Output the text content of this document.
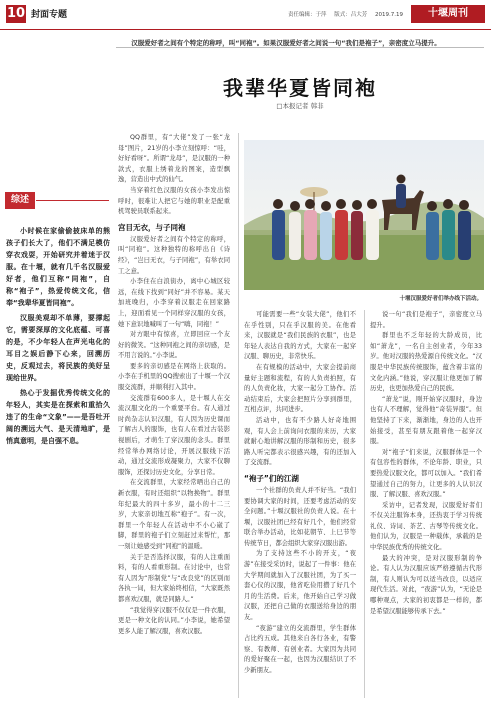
10 封面专题	责任编辑：于萍 版式：吕大芳 2019.7.19	十堰周刊
综述

小时候在家偷偷披床单的熊孩子们长大了，他们不满足模仿穿衣戏耍，开始研究并着迷于汉服。在十堰，就有几千名汉服爱好者，他们互称“同袍”，自称“袍子”，热爱传统文化，信奉“我辈华夏皆同袍”。

汉服美观却不单薄，要撑起它，需要深厚的文化底蕴、可喜的是，不少年轻人在声光电化的耳目之娱后静下心来，回溯历史，反观过去，将民族的美好呈现给世界。

热心于发掘优秀传统文化的年轻人，其实是在探索和重拾久违了的生命“文象”——是吾吐开阔的溯远大气、是天清地旷，是悄真意明，是自强不息。

汉服爱好者之间有个特定的称呼，叫“同袍”。如果汉服爱好者之间说一句“我们是袍子”，亲密度立马提升。
我辈华夏皆同袍
□本报记者 韩非
十堰汉服爱好者们举办线下活动。

QQ群里，有“大佬”发了一张“龙母”图片，21岁的小李立刻惊呼：“哇，好好看呀”。所谓“龙母”，是汉服的一种款式，衣服上绣着龙的图案，造型飘逸，营造出中式的仙气。

当穿着红色汉服的女孩小李发出惊呼时，很难让人把它与她的职业是配重机驾驶员联系起来。

宫目无衣，与子同袍

汉服爱好者之间有个特定的称呼，叫“同袍”。这种独特的称呼出自《诗经》，“岂曰无衣，与子同袍”，有举衣同工之意。

小李住在白浪街办，离中心城区较远，在线下找到“同好”并不容易。某天加班晚归，小李穿着汉服走在回家路上，迎面看见一个同样穿汉服的女孩，她下意识地喊叫了一句“嗨，同袍！”

对方眼中有惊喜，立即回应一个友好的微笑。“这种同袍之间的亲切感，是不用言说的。”小李说。

要多的亲切感是在网络上获取的。小李在手机里的QQ搜索出了十堰一个汉服交流群，并顺利打入其中。

交流群有600多人，是十堰人在交流汉服文化的一个重要平台。有人通过时尚杂志认识汉服，有人因为历史课而了解古人的服饰，也有人在看过古装影视剧后，才萌生了穿汉服的念头。群里经常举办网络讨论，开展汉服线下活动，通过交流形成凝聚力，大家不仅聊服饰，还探讨历史文化，分享日常。

在交流群里，大家经常晒出自己的新衣服，有时还组织“以物换物”。群里年纪最大的四十多岁，最小的十二三岁，大家亲切地互称“袍子”。有一次，群里一个年轻人在活动中不小心崴了脚，群里的袍子们立刻赶过来帮忙，那一刻让她感受到“同袍”的温暖。

关于是否选择汉服，有的人注重面料，有的人看重形制。在讨论中，也常有人因为“形制党”与“改良党”的区别而各执一词，但大家始终相信，“大家既然都喜欢汉服，就是同路人。”

“我觉得穿汉服不仅仅是一件衣服，更是一种文化的认同。”小李说，她希望更多人能了解汉服，喜欢汉服。

可能需要一些“女装大佬”，他们不在乎性别，只在乎汉服的美。在他看来，汉服就是“我们民族的衣服”，也是年轻人表达自我的方式，大家在一起穿汉服、聊历史，非常快乐。

在有规模的活动中，大家会提前商量好主题和流程，有的人负责拍照，有的人负责化妆，大家一起分工协作。活动结束后，大家会把照片分享到群里，互相点评，共同进步。

活动中，也有不少路人好奇地围观，有人会上前询问衣服的来历，大家就耐心地讲解汉服的形制和历史，很多路人听完都表示很感兴趣，有的还加入了交流群。

“袍子”们的江湖

一个社群的负责人并不好当。“我们要协调大家的时间，还要考虑活动的安全问题。”十堰汉服社的负责人说。在十堰，汉服社团已经有好几个，他们经常联合举办活动，比如花朝节、上巳节等传统节日，都会组织大家穿汉服出游。

为了支持这些不小的开支，“夜游”在接受采访时，说起了一件事：他在大学期间就加入了汉服社团，为了买一套心仪的汉服，他省吃俭用攒了好几个月的生活费。后来，他开始自己学习做汉服，还把自己做的衣服送给身边的朋友。

“夜游”建立的交流群里，学生群体占比约五成。其他来自各行各业，有警察、有教师、有创业者。大家因为共同的爱好聚在一起，也因为汉服结识了不少新朋友。

说一句“我们是袍子”，亲密度立马提升。

群里也不乏年轻的大龄成员，比如“萧龙”，一名自主创业者，今年33岁。他对汉服的热爱源自传统文化。“汉服是中华民族传统服饰，蕴含着丰富的文化内涵。”他说，穿汉服让他更加了解历史，也更加热爱自己的民族。

“萧龙”说，刚开始穿汉服时，身边也有人不理解，觉得他“奇装异服”。但他坚持了下来，渐渐地，身边的人也开始接受，甚至有朋友跟着他一起穿汉服。

对“袍子”们来说，汉服群体是一个有包容性的群体，不论年龄、职业，只要热爱汉服文化，都可以加入。“我们希望通过自己的努力，让更多的人认识汉服、了解汉服、喜欢汉服。”

采访中，记者发现，汉服爱好者们不仅关注服饰本身，还热衷于学习传统礼仪、诗词、茶艺、古琴等传统文化。他们认为，汉服是一种载体，承载的是中华民族优秀的传统文化。

最大的冲突，是对汉服形制的争论。有人认为汉服应该严格遵循古代形制，有人则认为可以适当改良，以适应现代生活。对此，“夜游”认为，“无论是哪种观点，大家的初衷都是一样的，都是希望汉服能够传承下去。”
